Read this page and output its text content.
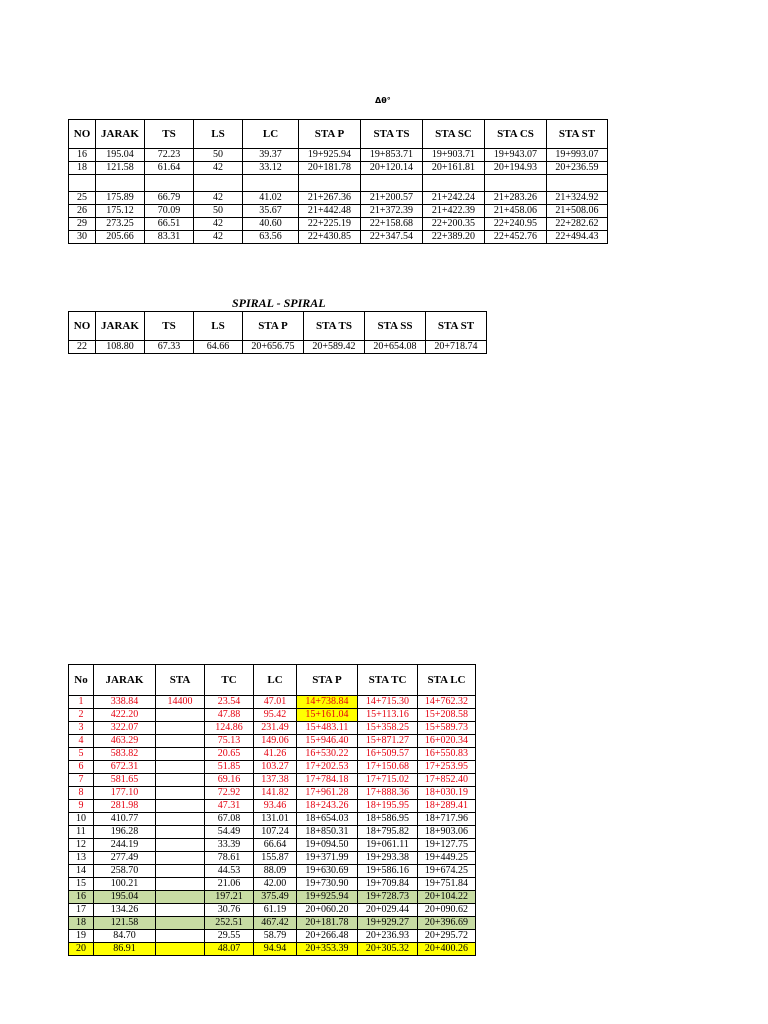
Δθ°
NO	JARAK	TS	LS	LC	STA P	STA TS	STA SC	STA CS	STA ST
16	195.04	72.23	50	39.37	19+925.94	19+853.71	19+903.71	19+943.07	19+993.07
18	121.58	61.64	42	33.12	20+181.78	20+120.14	20+161.81	20+194.93	20+236.59

25	175.89	66.79	42	41.02	21+267.36	21+200.57	21+242.24	21+283.26	21+324.92
26	175.12	70.09	50	35.67	21+442.48	21+372.39	21+422.39	21+458.06	21+508.06
29	273.25	66.51	42	40.60	22+225.19	22+158.68	22+200.35	22+240.95	22+282.62
30	205.66	83.31	42	63.56	22+430.85	22+347.54	22+389.20	22+452.76	22+494.43
SPIRAL - SPIRAL
NO	JARAK	TS	LS	STA P	STA TS	STA SS	STA ST
22	108.80	67.33	64.66	20+656.75	20+589.42	20+654.08	20+718.74
No	JARAK	STA	TC	LC	STA P	STA TC	STA LC
1	338.84	14400	23.54	47.01	14+738.84	14+715.30	14+762.32
2	422.20		47.88	95.42	15+161.04	15+113.16	15+208.58
3	322.07		124.86	231.49	15+483.11	15+358.25	15+589.73
4	463.29		75.13	149.06	15+946.40	15+871.27	16+020.34
5	583.82		20.65	41.26	16+530.22	16+509.57	16+550.83
6	672.31		51.85	103.27	17+202.53	17+150.68	17+253.95
7	581.65		69.16	137.38	17+784.18	17+715.02	17+852.40
8	177.10		72.92	141.82	17+961.28	17+888.36	18+030.19
9	281.98		47.31	93.46	18+243.26	18+195.95	18+289.41
10	410.77		67.08	131.01	18+654.03	18+586.95	18+717.96
11	196.28		54.49	107.24	18+850.31	18+795.82	18+903.06
12	244.19		33.39	66.64	19+094.50	19+061.11	19+127.75
13	277.49		78.61	155.87	19+371.99	19+293.38	19+449.25
14	258.70		44.53	88.09	19+630.69	19+586.16	19+674.25
15	100.21		21.06	42.00	19+730.90	19+709.84	19+751.84
16	195.04		197.21	375.49	19+925.94	19+728.73	20+104.22
17	134.26		30.76	61.19	20+060.20	20+029.44	20+090.62
18	121.58		252.51	467.42	20+181.78	19+929.27	20+396.69
19	84.70		29.55	58.79	20+266.48	20+236.93	20+295.72
20	86.91		48.07	94.94	20+353.39	20+305.32	20+400.26
